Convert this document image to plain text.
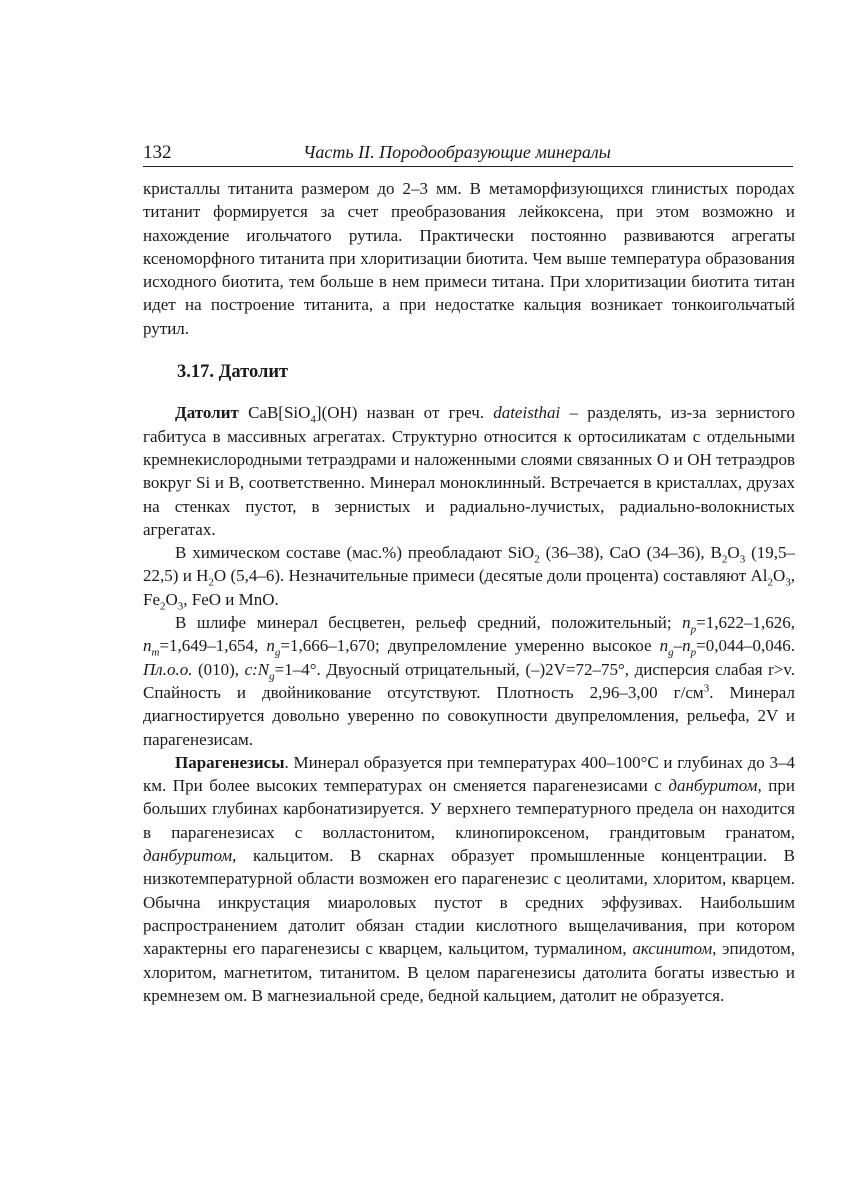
132	Часть II. Породообразующие минералы

кристаллы титанита размером до 2–3 мм. В метаморфизующихся глинистых породах титанит формируется за счет преобразования лейкоксена, при этом возможно и нахождение игольчатого рутила. Практически постоянно развиваются агрегаты ксеноморфного титанита при хлоритизации биотита. Чем выше температура образования исходного биотита, тем больше в нем примеси титана. При хлоритизации биотита титан идет на построение титанита, а при недостатке кальция возникает тонкоигольчатый рутил.

3.17. Датолит

Датолит CaB[SiO$_4$](OH) назван от греч. dateisthai – разделять, из-за зернистого габитуса в массивных агрегатах. Структурно относится к ортосиликатам с отдельными кремнекислородными тетраэдрами и наложенными слоями связанных O и OH тетраэдров вокруг Si и B, соответственно. Минерал моноклинный. Встречается в кристаллах, друзах на стенках пустот, в зернистых и радиально-лучистых, радиально-волокнистых агрегатах.

В химическом составе (мас.%) преобладают SiO$_2$ (36–38), CaO (34–36), $B_2O_3$ (19,5–22,5) и $H_2O$ (5,4–6). Незначительные примеси (десятые доли процента) составляют $Al_2O_3$, $Fe_2O_3$, FeO и MnO.

В шлифе минерал бесцветен, рельеф средний, положительный; $n_p=1,622-1,626$, $n_m=1,649-1,654$, $n_g=1,666-1,670$; двупреломление умеренно высокое $n_g-n_p=0,044-0,046$. Пл.о.о. (010), $c:N_g=1-4^\circ$. Двуосный отрицательный, (–)2V=72–75°, дисперсия слабая r>v. Спайность и двойникование отсутствуют. Плотность 2,96–3,00 $г/см^3$. Минерал диагностируется довольно уверенно по совокупности двупреломления, рельефа, 2V и парагенезисам.

Парагенезисы. Минерал образуется при температурах 400–100°C и глубинах до 3–4 км. При более высоких температурах он сменяется парагенезисами с данбуритом, при больших глубинах карбонатизируется. У верхнего температурного предела он находится в парагенезисах с волластонитом, клинопироксеном, грандитовым гранатом, данбуритом, кальцитом. В скарнах образует промышленные концентрации. В низкотемпературной области возможен его парагенезис с цеолитами, хлоритом, кварцем. Обычна инкрустация миароловых пустот в средних эффузивах. Наибольшим распространением датолит обязан стадии кислотного выщелачивания, при котором характерны его парагенезисы с кварцем, кальцитом, турмалином, аксинитом, эпидотом, хлоритом, магнетитом, титанитом. В целом парагенезисы датолита богаты известью и кремнезем ом. В магнезиальной среде, бедной кальцием, датолит не образуется.
